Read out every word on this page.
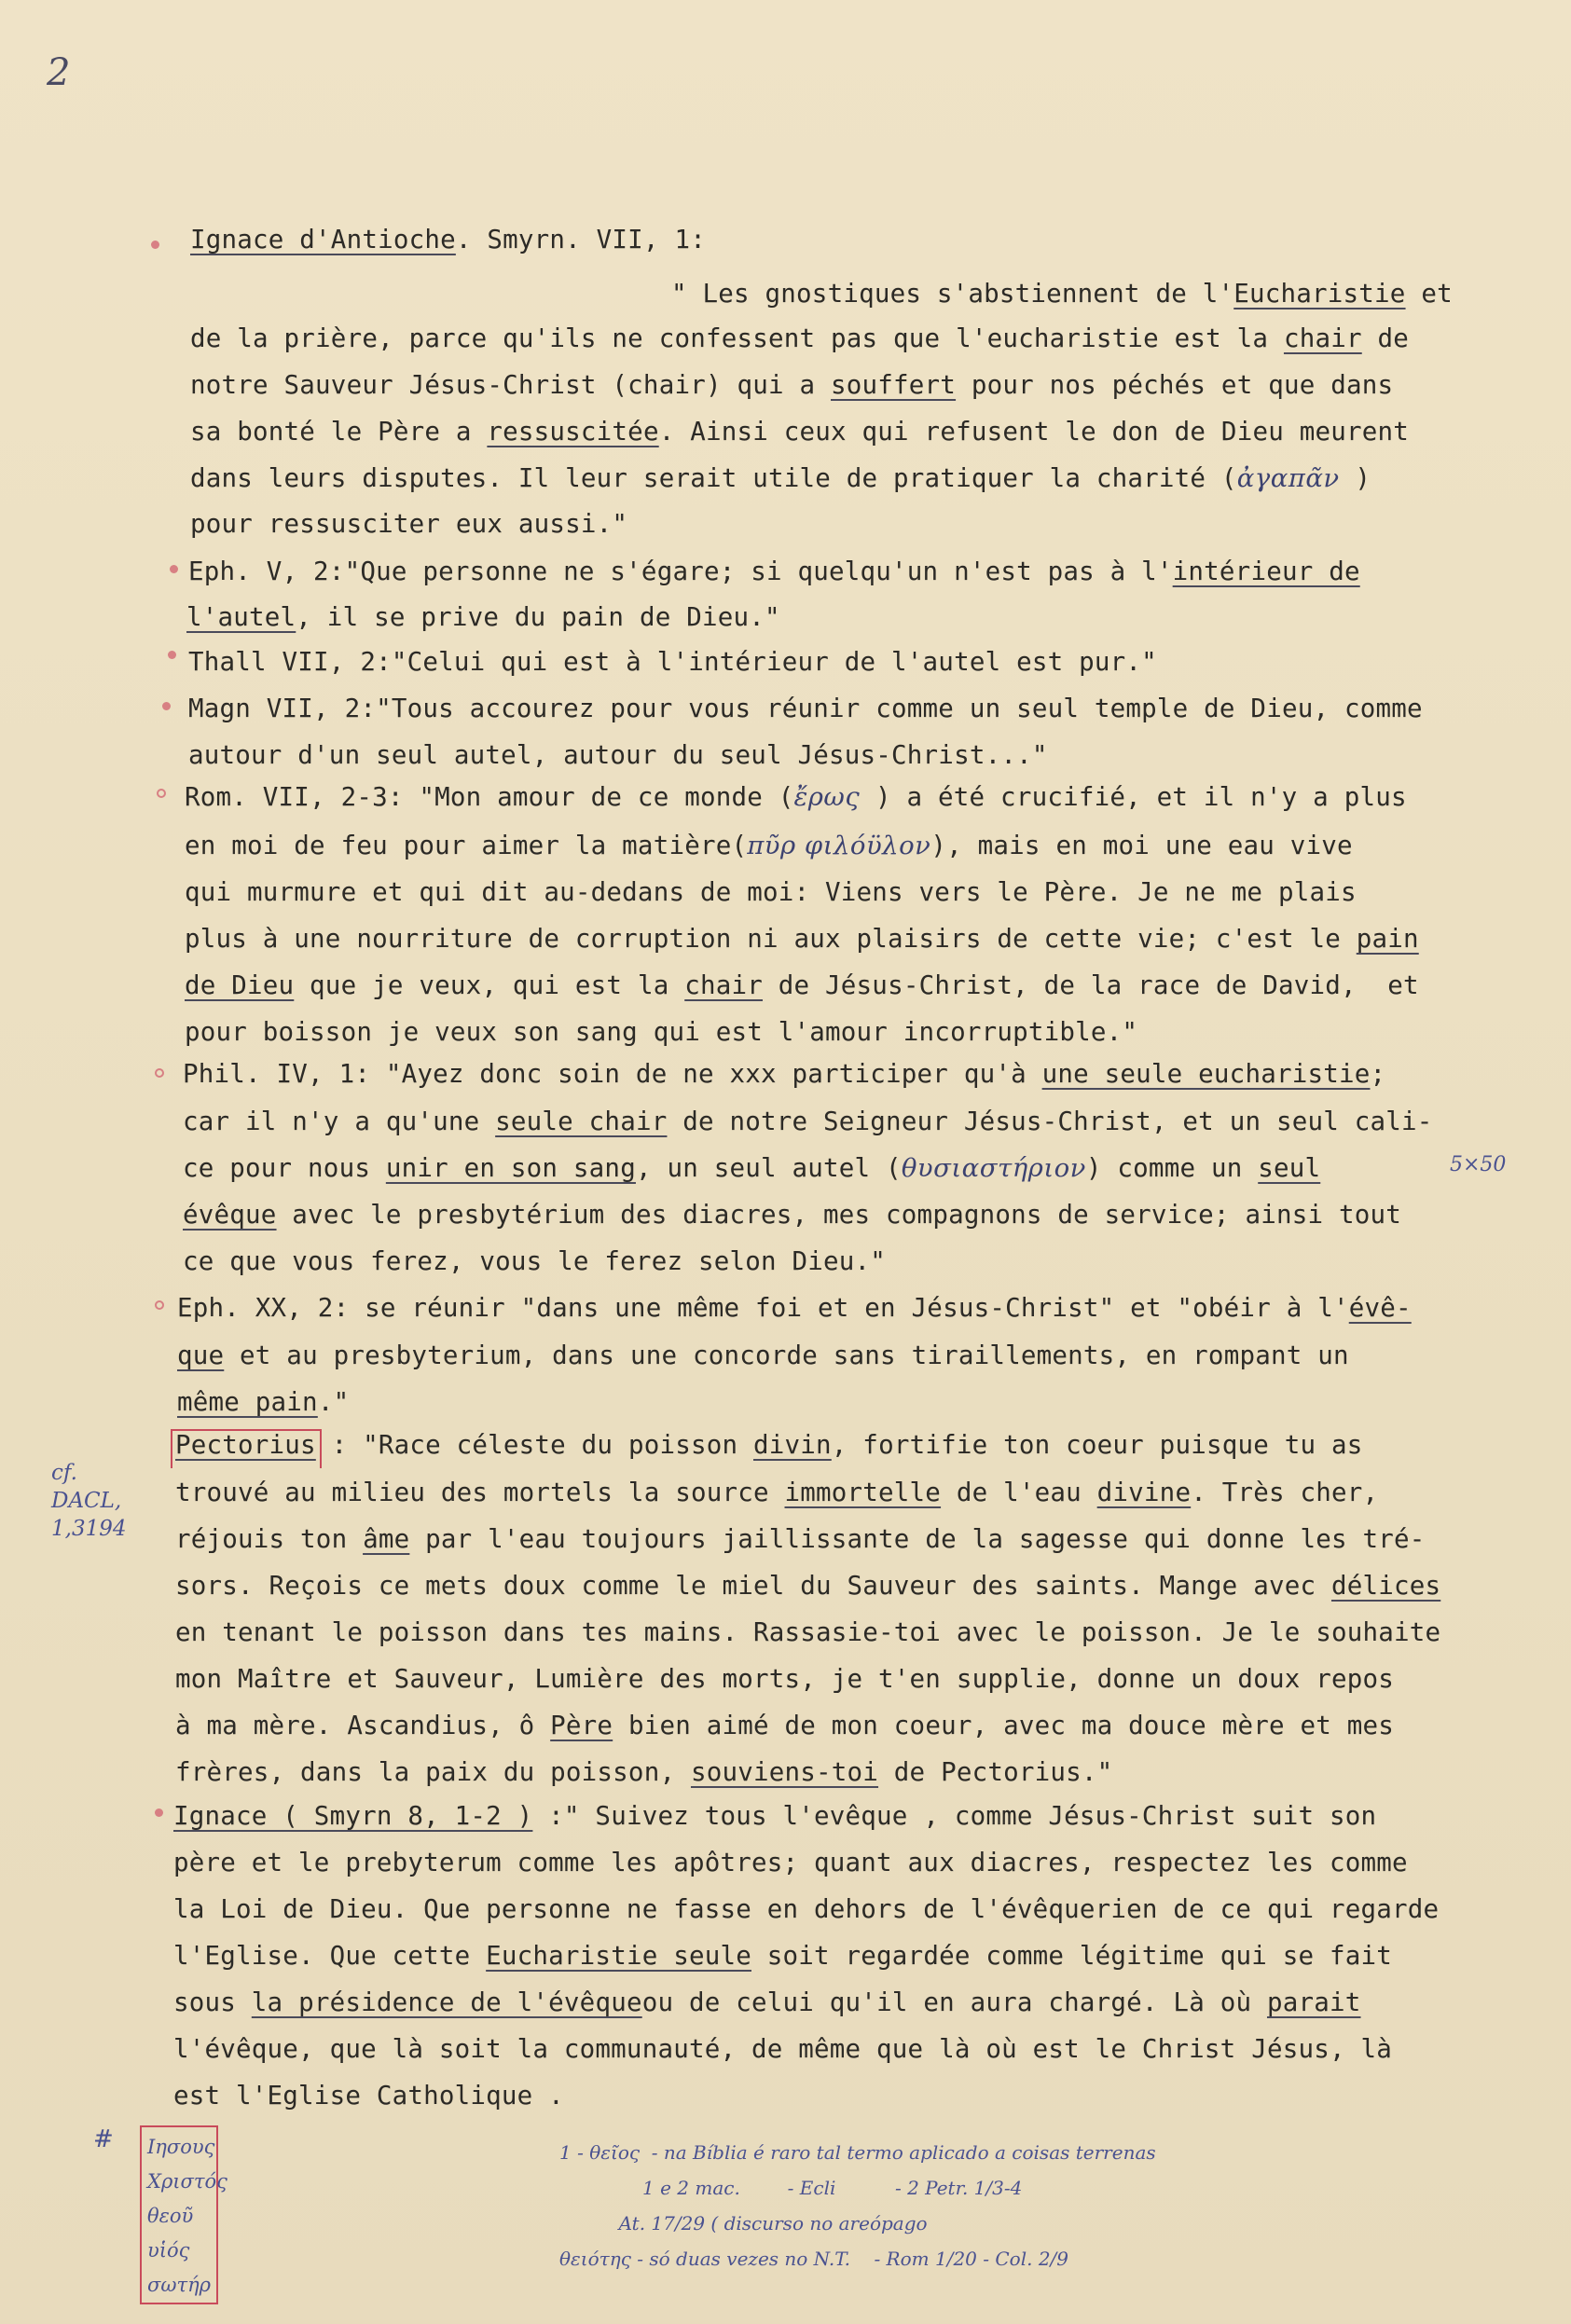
2
Ignace d'Antioche. Smyrn. VII, 1:
" Les gnostiques s'abstiennent de l'Eucharistie et
de la prière, parce qu'ils ne confessent pas que l'eucharistie est la chair de
notre Sauveur Jésus-Christ (chair) qui a souffert pour nos péchés et que dans
sa bonté le Père a ressuscitée. Ainsi ceux qui refusent le don de Dieu meurent
dans leurs disputes. Il leur serait utile de pratiquer la charité (ἀγαπᾶν )
pour ressusciter eux aussi."
Eph. V, 2:"Que personne ne s'égare; si quelqu'un n'est pas à l'intérieur de
l'autel, il se prive du pain de Dieu."
Thall VII, 2:"Celui qui est à l'intérieur de l'autel est pur."
Magn VII, 2:"Tous accourez pour vous réunir comme un seul temple de Dieu, comme
autour d'un seul autel, autour du seul Jésus-Christ..."
Rom. VII, 2-3: "Mon amour de ce monde (ἔρως ) a été crucifié, et il n'y a plus
en moi de feu pour aimer la matière(πῦρ φιλόϋλον), mais en moi une eau vive
qui murmure et qui dit au-dedans de moi: Viens vers le Père. Je ne me plais
plus à une nourriture de corruption ni aux plaisirs de cette vie; c'est le pain
de Dieu que je veux, qui est la chair de Jésus-Christ, de la race de David,  et
pour boisson je veux son sang qui est l'amour incorruptible."
Phil. IV, 1: "Ayez donc soin de ne xxx participer qu'à une seule eucharistie;
car il n'y a qu'une seule chair de notre Seigneur Jésus-Christ, et un seul cali-
ce pour nous unir en son sang, un seul autel (θυσιαστήριον) comme un seul
évêque avec le presbytérium des diacres, mes compagnons de service; ainsi tout
ce que vous ferez, vous le ferez selon Dieu."
Eph. XX, 2: se réunir "dans une même foi et en Jésus-Christ" et "obéir à l'évê-
que et au presbyterium, dans une concorde sans tiraillements, en rompant un
même pain."
Pectorius : "Race céleste du poisson divin, fortifie ton coeur puisque tu as
trouvé au milieu des mortels la source immortelle de l'eau divine. Très cher,
réjouis ton âme par l'eau toujours jaillissante de la sagesse qui donne les tré-
sors. Reçois ce mets doux comme le miel du Sauveur des saints. Mange avec délices
en tenant le poisson dans tes mains. Rassasie-toi avec le poisson. Je le souhaite
mon Maître et Sauveur, Lumière des morts, je t'en supplie, donne un doux repos
à ma mère. Ascandius, ô Père bien aimé de mon coeur, avec ma douce mère et mes
frères, dans la paix du poisson, souviens-toi de Pectorius."
Ignace ( Smyrn 8, 1-2 ) :" Suivez tous l'evêque , comme Jésus-Christ suit son
père et le prebyterum comme les apôtres; quant aux diacres, respectez les comme
la Loi de Dieu. Que personne ne fasse en dehors de l'évêquerien de ce qui regarde
l'Eglise. Que cette Eucharistie seule soit regardée comme légitime qui se fait
sous la présidence de l'évêqueou de celui qu'il en aura chargé. Là où parait
l'évêque, que là soit la communauté, de même que là où est le Christ Jésus, là
est l'Eglise Catholique .
cf.
DACL,
1,3194
5×50
# Ιησους
Χριστός
θεοῦ
υἱός
σωτήρ
1 - θεῖος  - na Bíblia é raro tal termo aplicado a coisas terrenas
1 e 2 mac.        - Ecli          - 2 Petr. 1/3-4
At. 17/29 ( discurso no areópago
θειότης - só duas vezes no N.T.    - Rom 1/20 - Col. 2/9
